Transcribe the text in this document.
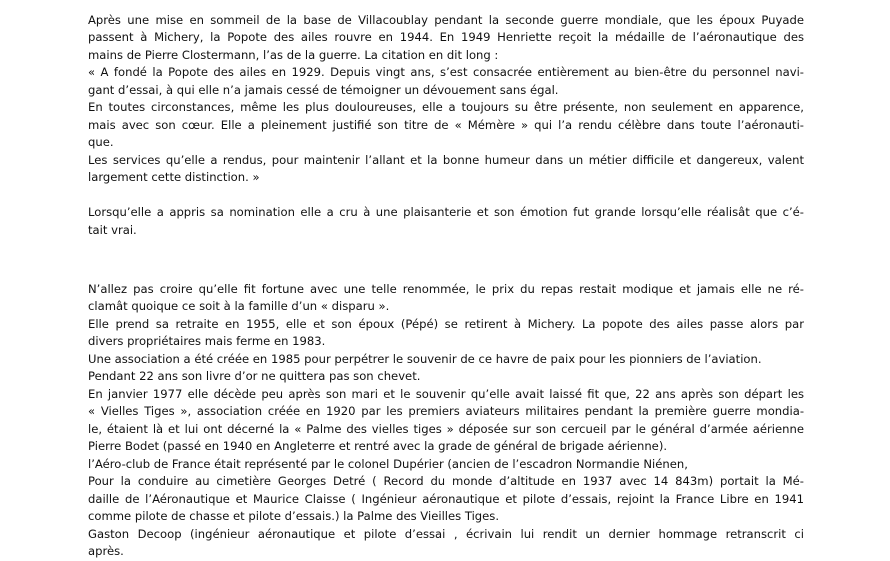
Après une mise en sommeil de la base de Villacoublay pendant la seconde guerre mondiale, que les époux Puyade

passent à Michery, la Popote des ailes rouvre en 1944. En 1949 Henriette reçoit la médaille de l’aéronautique des

mains de Pierre Clostermann, l’as de la guerre. La citation en dit long :

« A fondé la Popote des ailes en 1929. Depuis vingt ans, s’est consacrée entièrement au bien-être du personnel navi-

gant d’essai, à qui elle n’a jamais cessé de témoigner un dévouement sans égal.

En toutes circonstances, même les plus douloureuses, elle a toujours su être présente, non seulement en apparence,

mais avec son cœur. Elle a pleinement justifié son titre de « Mémère » qui l’a rendu célèbre dans toute l’aéronauti-

que.

Les services qu’elle a rendus, pour maintenir l’allant et la bonne humeur dans un métier difficile et dangereux, valent

largement cette distinction. »

Lorsqu’elle a appris sa nomination elle a cru à une plaisanterie et son émotion fut grande lorsqu’elle réalisât que c’é-

tait vrai.

N’allez pas croire qu’elle fit fortune avec une telle renommée, le prix du repas restait modique et jamais elle ne ré-

clamât quoique ce soit à la famille d’un « disparu ».

Elle prend sa retraite en 1955, elle et son époux (Pépé) se retirent à Michery. La popote des ailes passe alors par

divers propriétaires mais ferme en 1983.

Une association a été créée en 1985 pour perpétrer le souvenir de ce havre de paix pour les pionniers de l’aviation.

Pendant 22 ans son livre d’or ne quittera pas son chevet.

En janvier 1977 elle décède peu après son mari et le souvenir qu’elle avait laissé fit que, 22 ans après son départ les

« Vielles Tiges », association créée en 1920 par les premiers aviateurs militaires pendant la première guerre mondia-

le, étaient là et lui ont décerné la « Palme des vielles tiges » déposée sur son cercueil par le général d’armée aérienne

Pierre Bodet (passé en 1940 en Angleterre et rentré avec la grade de général de brigade aérienne).

l’Aéro-club de France était représenté par le colonel Dupérier (ancien de l’escadron Normandie Niénen,

Pour la conduire au cimetière Georges Detré ( Record du monde d’altitude en 1937 avec 14 843m) portait la Mé-

daille de l’Aéronautique et Maurice Claisse ( Ingénieur aéronautique et pilote d’essais, rejoint la France Libre en 1941

comme pilote de chasse et pilote d’essais.) la Palme des Vieilles Tiges.

Gaston Decoop (ingénieur aéronautique et pilote d’essai , écrivain lui rendit un dernier hommage retranscrit ci

après.
